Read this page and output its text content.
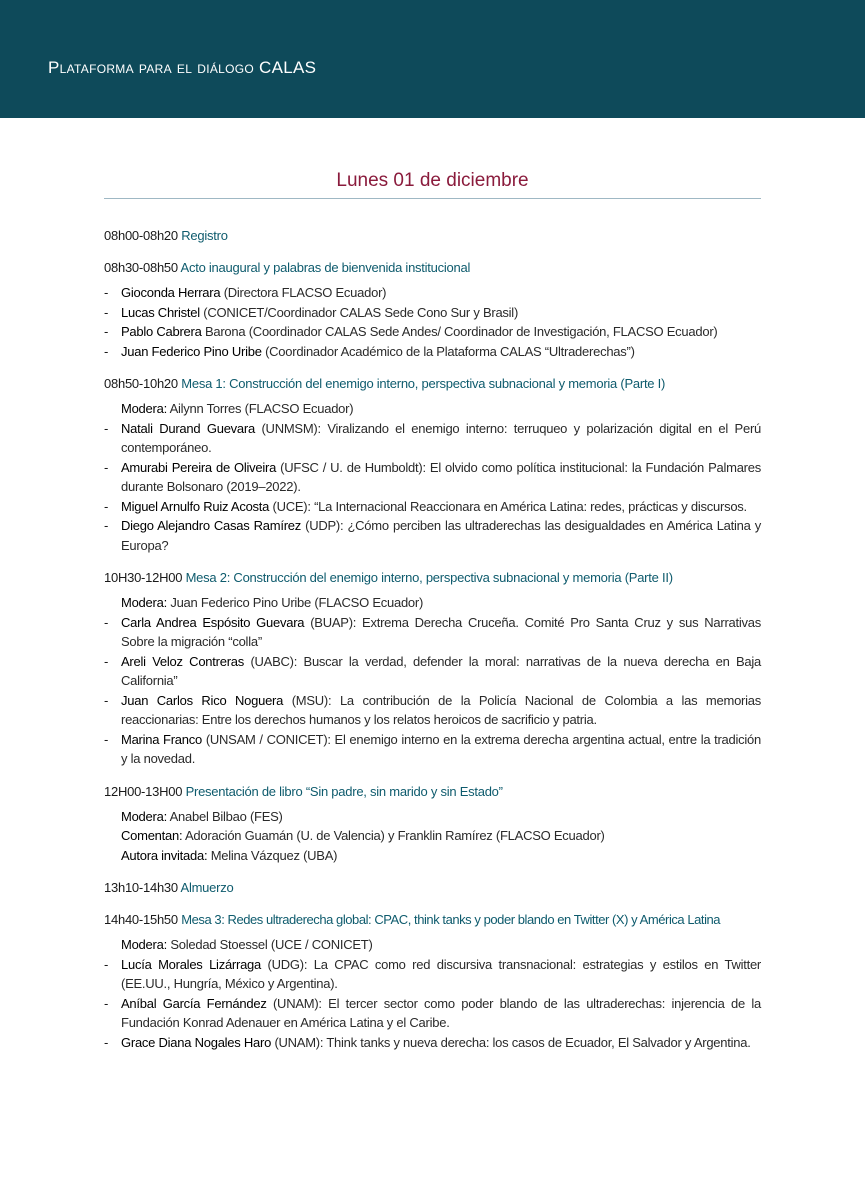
Plataforma para el diálogo CALAS
Lunes 01 de diciembre
08h00-08h20 Registro
08h30-08h50 Acto inaugural y palabras de bienvenida institucional
- Gioconda Herrara (Directora FLACSO Ecuador)
- Lucas Christel (CONICET/Coordinador CALAS Sede Cono Sur y Brasil)
- Pablo Cabrera Barona (Coordinador CALAS Sede Andes/ Coordinador de Investigación, FLACSO Ecuador)
- Juan Federico Pino Uribe (Coordinador Académico de la Plataforma CALAS “Ultraderechas”)
08h50-10h20 Mesa 1: Construcción del enemigo interno, perspectiva subnacional y memoria (Parte I)
Modera: Ailynn Torres (FLACSO Ecuador)
- Natali Durand Guevara (UNMSM): Viralizando el enemigo interno: terruqueo y polarización digital en el Perú contemporáneo.
- Amurabi Pereira de Oliveira (UFSC / U. de Humboldt): El olvido como política institucional: la Fundación Palmares durante Bolsonaro (2019–2022).
- Miguel Arnulfo Ruiz Acosta (UCE): “La Internacional Reaccionara en América Latina: redes, prácticas y discursos.
- Diego Alejandro Casas Ramírez (UDP): ¿Cómo perciben las ultraderechas las desigualdades en América Latina y Europa?
10H30-12H00 Mesa 2: Construcción del enemigo interno, perspectiva subnacional y memoria (Parte II)
Modera: Juan Federico Pino Uribe (FLACSO Ecuador)
- Carla Andrea Espósito Guevara (BUAP): Extrema Derecha Cruceña. Comité Pro Santa Cruz y sus Narrativas Sobre la migración “colla”
- Areli Veloz Contreras (UABC): Buscar la verdad, defender la moral: narrativas de la nueva derecha en Baja California”
- Juan Carlos Rico Noguera (MSU): La contribución de la Policía Nacional de Colombia a las memorias reaccionarias: Entre los derechos humanos y los relatos heroicos de sacrificio y patria.
- Marina Franco (UNSAM / CONICET): El enemigo interno en la extrema derecha argentina actual, entre la tradición y la novedad.
12H00-13H00 Presentación de libro “Sin padre, sin marido y sin Estado”
Modera: Anabel Bilbao (FES)
Comentan: Adoración Guamán (U. de Valencia) y Franklin Ramírez (FLACSO Ecuador)
Autora invitada: Melina Vázquez (UBA)
13h10-14h30 Almuerzo
14h40-15h50 Mesa 3: Redes ultraderecha global: CPAC, think tanks y poder blando en Twitter (X) y América Latina
Modera: Soledad Stoessel (UCE / CONICET)
- Lucía Morales Lizárraga (UDG): La CPAC como red discursiva transnacional: estrategias y estilos en Twitter (EE.UU., Hungría, México y Argentina).
- Aníbal García Fernández (UNAM): El tercer sector como poder blando de las ultraderechas: injerencia de la Fundación Konrad Adenauer en América Latina y el Caribe.
- Grace Diana Nogales Haro (UNAM): Think tanks y nueva derecha: los casos de Ecuador, El Salvador y Argentina.
